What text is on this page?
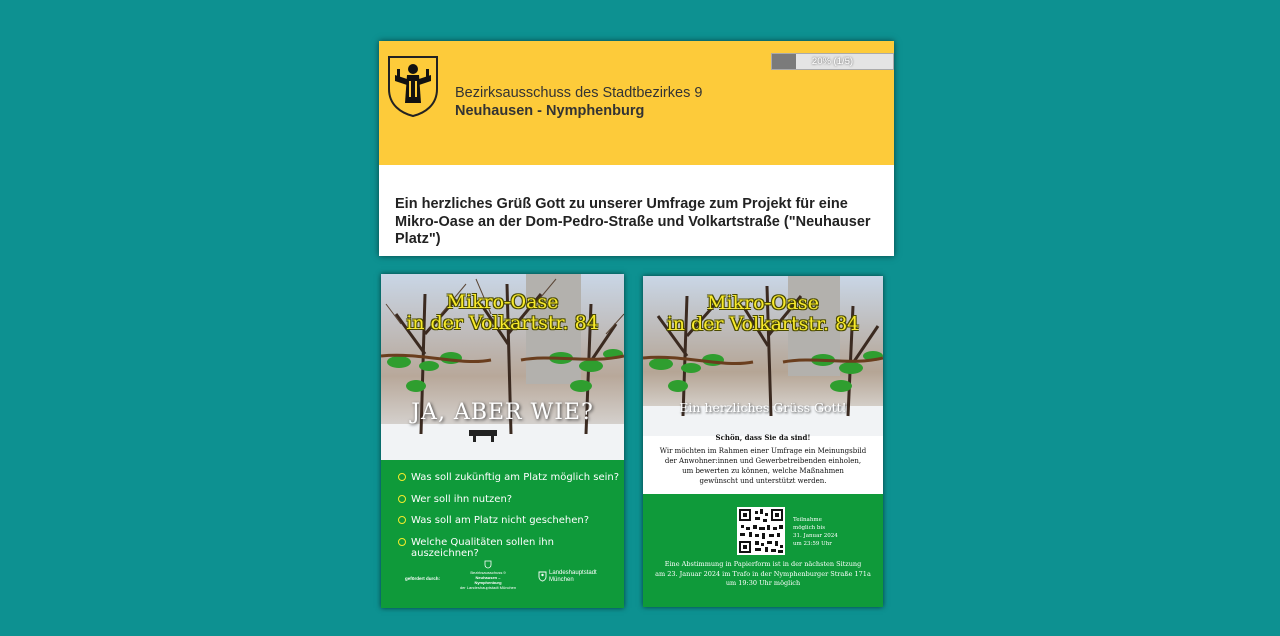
Bezirksausschuss des Stadtbezirkes 9
Neuhausen - Nymphenburg
20% (1/5)
Ein herzliches Grüß Gott zu unserer Umfrage zum Projekt für eine Mikro-Oase an der Dom-Pedro-Straße und Volkartstraße ("Neuhauser Platz")
Mikro-Oase
in der Volkartstr. 84
JA, ABER WIE?
Was soll zukünftig am Platz möglich sein?
Wer soll ihn nutzen?
Was soll am Platz nicht geschehen?
Welche Qualitäten sollen ihn auszeichnen?
gefördert durch:
Bezirksausschuss 9
Neuhausen –
Nymphenburg
der Landeshauptstadt München
Landeshauptstadt
München
Mikro-Oase
in der Volkartstr. 84
Ein herzliches Grüss Gott!
Schön, dass Sie da sind!
Wir möchten im Rahmen einer Umfrage ein Meinungsbild
der Anwohner:innen und Gewerbetreibenden einholen,
um bewerten zu können, welche Maßnahmen
gewünscht und unterstützt werden.
Teilnahme
möglich bis
31. Januar 2024
um 23:59 Uhr
Eine Abstimmung in Papierform ist in der nächsten Sitzung
am 23. Januar 2024 im Trafo in der Nymphenburger Straße 171a
um 19:30 Uhr möglich
